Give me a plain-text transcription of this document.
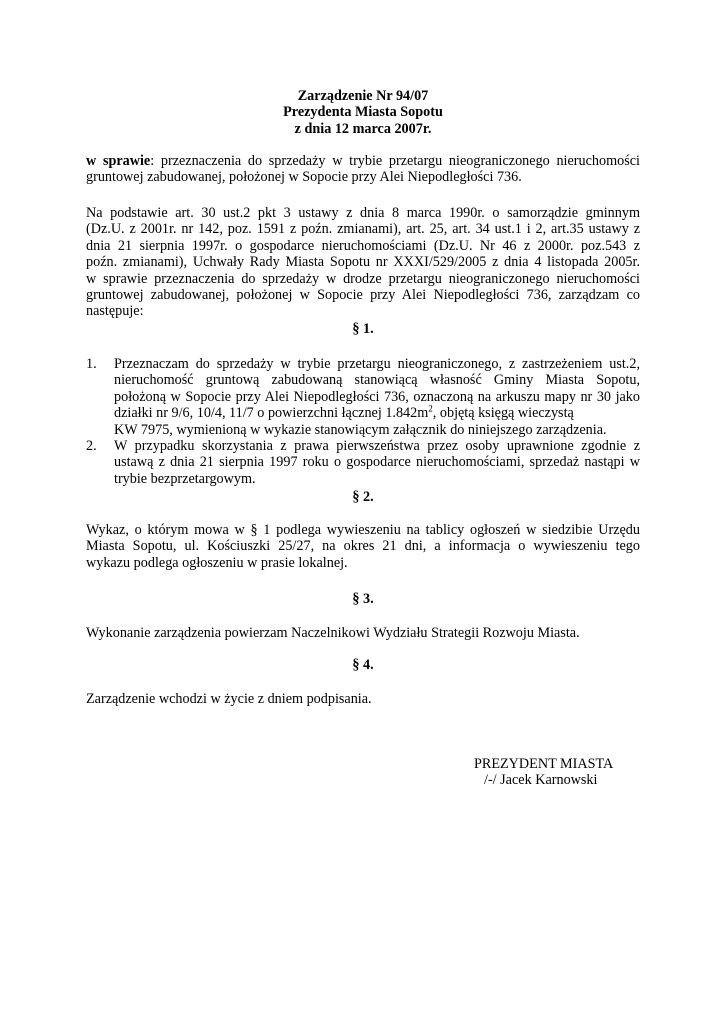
Zarządzenie Nr 94/07
Prezydenta Miasta Sopotu
z dnia 12 marca 2007r.
w sprawie: przeznaczenia do sprzedaży w trybie przetargu nieograniczonego nieruchomości
gruntowej zabudowanej, położonej w Sopocie przy Alei Niepodległości 736.
Na podstawie art. 30 ust.2 pkt 3 ustawy z dnia 8 marca 1990r. o samorządzie gminnym
(Dz.U. z 2001r. nr 142, poz. 1591 z poźn. zmianami), art. 25, art. 34 ust.1 i 2, art.35 ustawy z
dnia 21 sierpnia 1997r. o gospodarce nieruchomościami (Dz.U. Nr 46 z 2000r. poz.543 z
poźn. zmianami), Uchwały Rady Miasta Sopotu nr XXXI/529/2005 z dnia 4 listopada 2005r.
w sprawie przeznaczenia do sprzedaży w drodze przetargu nieograniczonego nieruchomości
gruntowej zabudowanej, położonej w Sopocie przy Alei Niepodległości 736, zarządzam co
następuje:
§ 1.
1. Przeznaczam do sprzedaży w trybie przetargu nieograniczonego, z zastrzeżeniem ust.2,
nieruchomość gruntową zabudowaną stanowiącą własność Gminy Miasta Sopotu,
położoną w Sopocie przy Alei Niepodległości 736, oznaczoną na arkuszu mapy nr 30 jako
działki nr 9/6, 10/4, 11/7 o powierzchni łącznej $1.842m^2$, objętą księgą wieczystą
KW 7975, wymienioną w wykazie stanowiącym załącznik do niniejszego zarządzenia.
2. W przypadku skorzystania z prawa pierwszeństwa przez osoby uprawnione zgodnie z
ustawą z dnia 21 sierpnia 1997 roku o gospodarce nieruchomościami, sprzedaż nastąpi w
trybie bezprzetargowym.
§ 2.
Wykaz, o którym mowa w § 1 podlega wywieszeniu na tablicy ogłoszeń w siedzibie Urzędu
Miasta Sopotu, ul. Kościuszki 25/27, na okres 21 dni, a informacja o wywieszeniu tego
wykazu podlega ogłoszeniu w prasie lokalnej.
§ 3.
Wykonanie zarządzenia powierzam Naczelnikowi Wydziału Strategii Rozwoju Miasta.
§ 4.
Zarządzenie wchodzi w życie z dniem podpisania.
PREZYDENT MIASTA
/-/ Jacek Karnowski
